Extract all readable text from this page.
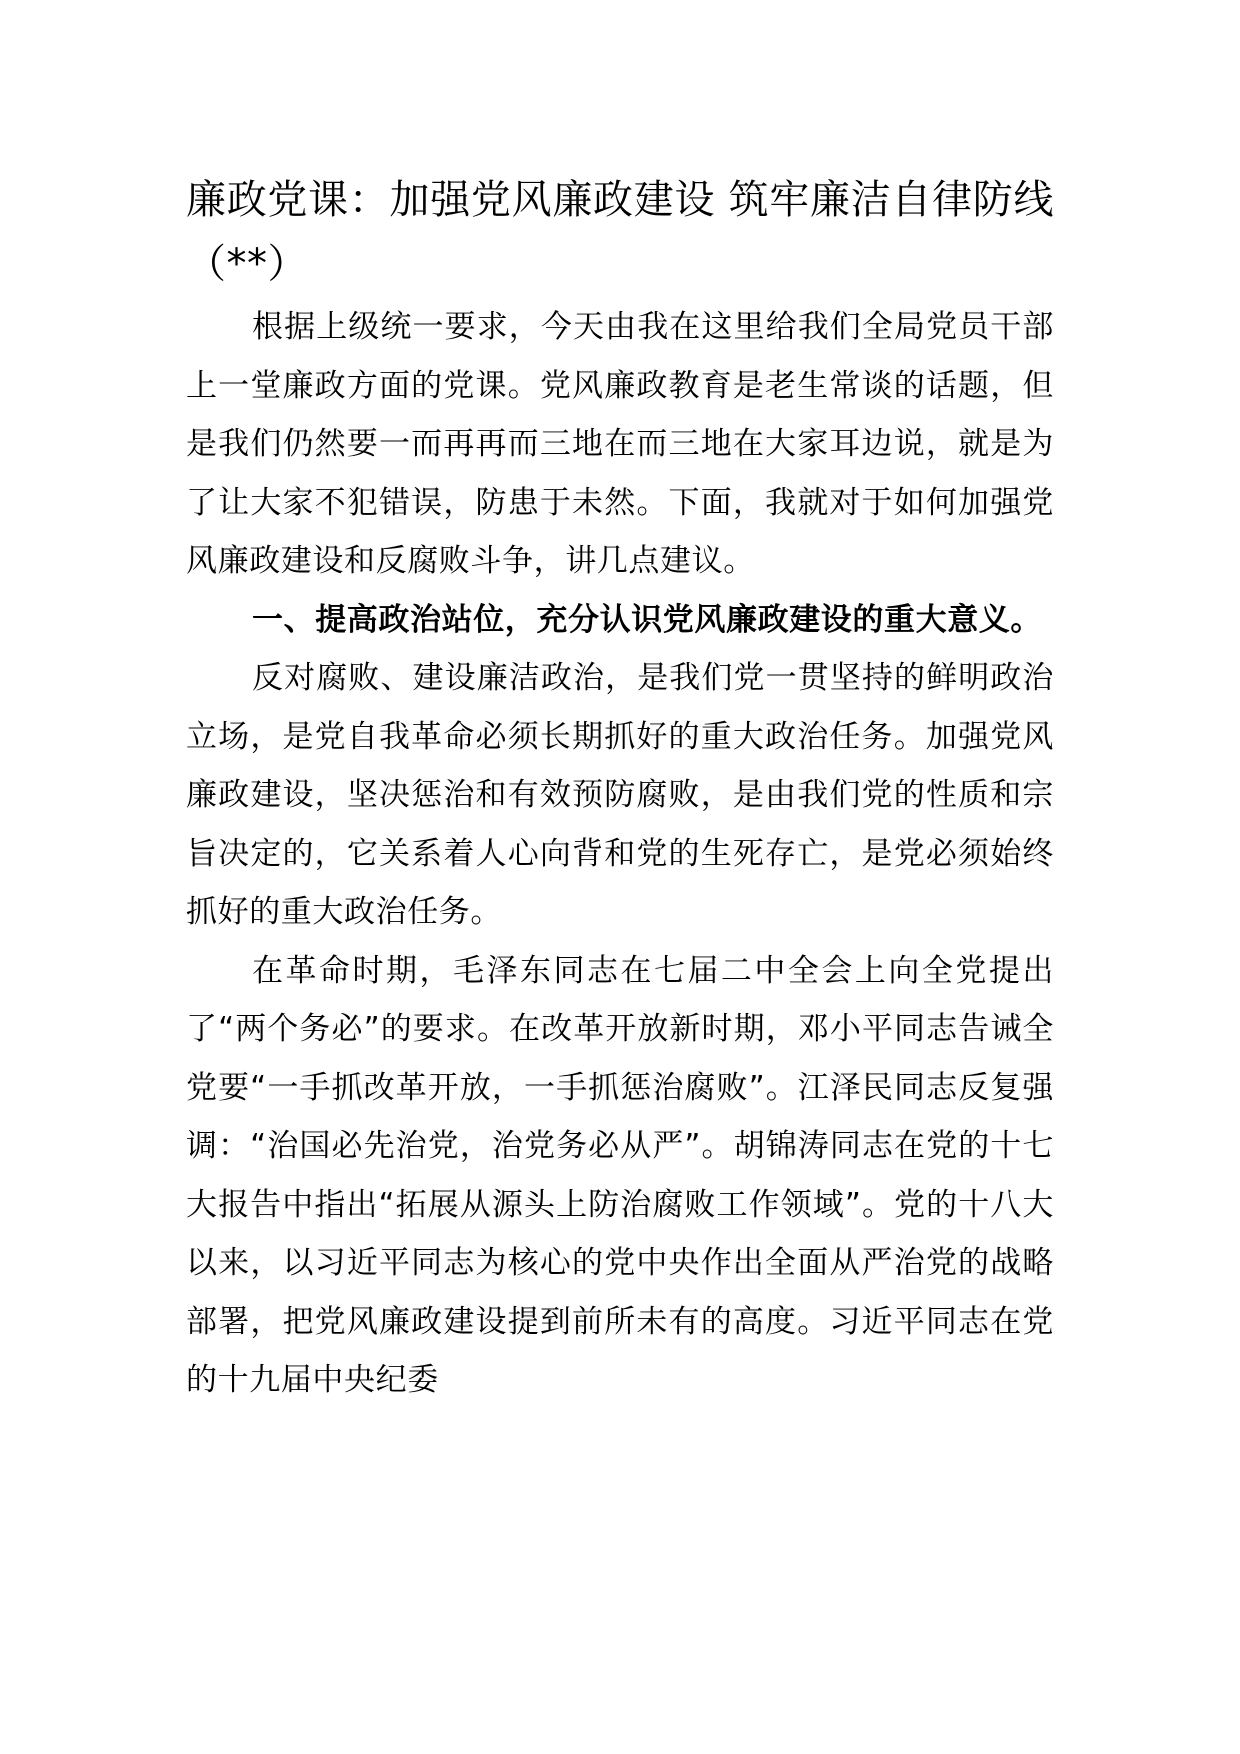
廉政党课：加强党风廉政建设 筑牢廉洁自律防线（**）

根据上级统一要求，今天由我在这里给我们全局党员干部上一堂廉政方面的党课。党风廉政教育是老生常谈的话题，但是我们仍然要一而再再而三地在而三地在大家耳边说，就是为了让大家不犯错误，防患于未然。下面，我就对于如何加强党风廉政建设和反腐败斗争，讲几点建议。

一、提高政治站位，充分认识党风廉政建设的重大意义。

反对腐败、建设廉洁政治，是我们党一贯坚持的鲜明政治立场，是党自我革命必须长期抓好的重大政治任务。加强党风廉政建设，坚决惩治和有效预防腐败，是由我们党的性质和宗旨决定的，它关系着人心向背和党的生死存亡，是党必须始终抓好的重大政治任务。

在革命时期，毛泽东同志在七届二中全会上向全党提出了“两个务必”的要求。在改革开放新时期，邓小平同志告诫全党要“一手抓改革开放，一手抓惩治腐败”。江泽民同志反复强调：“治国必先治党，治党务必从严”。胡锦涛同志在党的十七大报告中指出“拓展从源头上防治腐败工作领域”。党的十八大以来，以习近平同志为核心的党中央作出全面从严治党的战略部署，把党风廉政建设提到前所未有的高度。习近平同志在党的十九届中央纪委
